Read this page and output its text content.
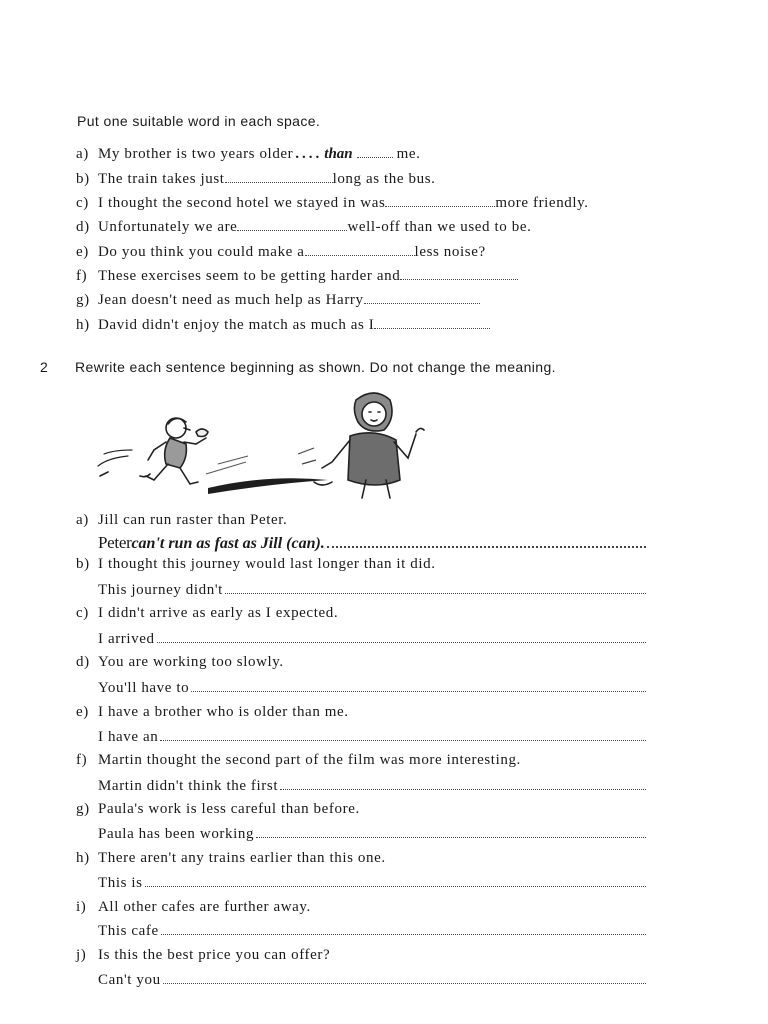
Put one suitable word in each space.
a) My brother is two years older .... than	me.
b) The train takes just	long as the bus.
c) I thought the second hotel we stayed in was	more friendly.
d) Unfortunately we are	well-off than we used to be.
e) Do you think you could make a	less noise?
f) These exercises seem to be getting harder and
g) Jean doesn't need as much help as Harry
h) David didn't enjoy the match as much as I
2 Rewrite each sentence beginning as shown. Do not change the meaning.
a) Jill can run raster than Peter.
Peter can't run as fast as Jill (can).
b) I thought this journey would last longer than it did.
This journey didn't
c) I didn't arrive as early as I expected.
I arrived
d) You are working too slowly.
You'll have to
e) I have a brother who is older than me.
I have an
f) Martin thought the second part of the film was more interesting.
Martin didn't think the first
g) Paula's work is less careful than before.
Paula has been working
h) There aren't any trains earlier than this one.
This is
i) All other cafes are further away.
This cafe
j) Is this the best price you can offer?
Can't you
